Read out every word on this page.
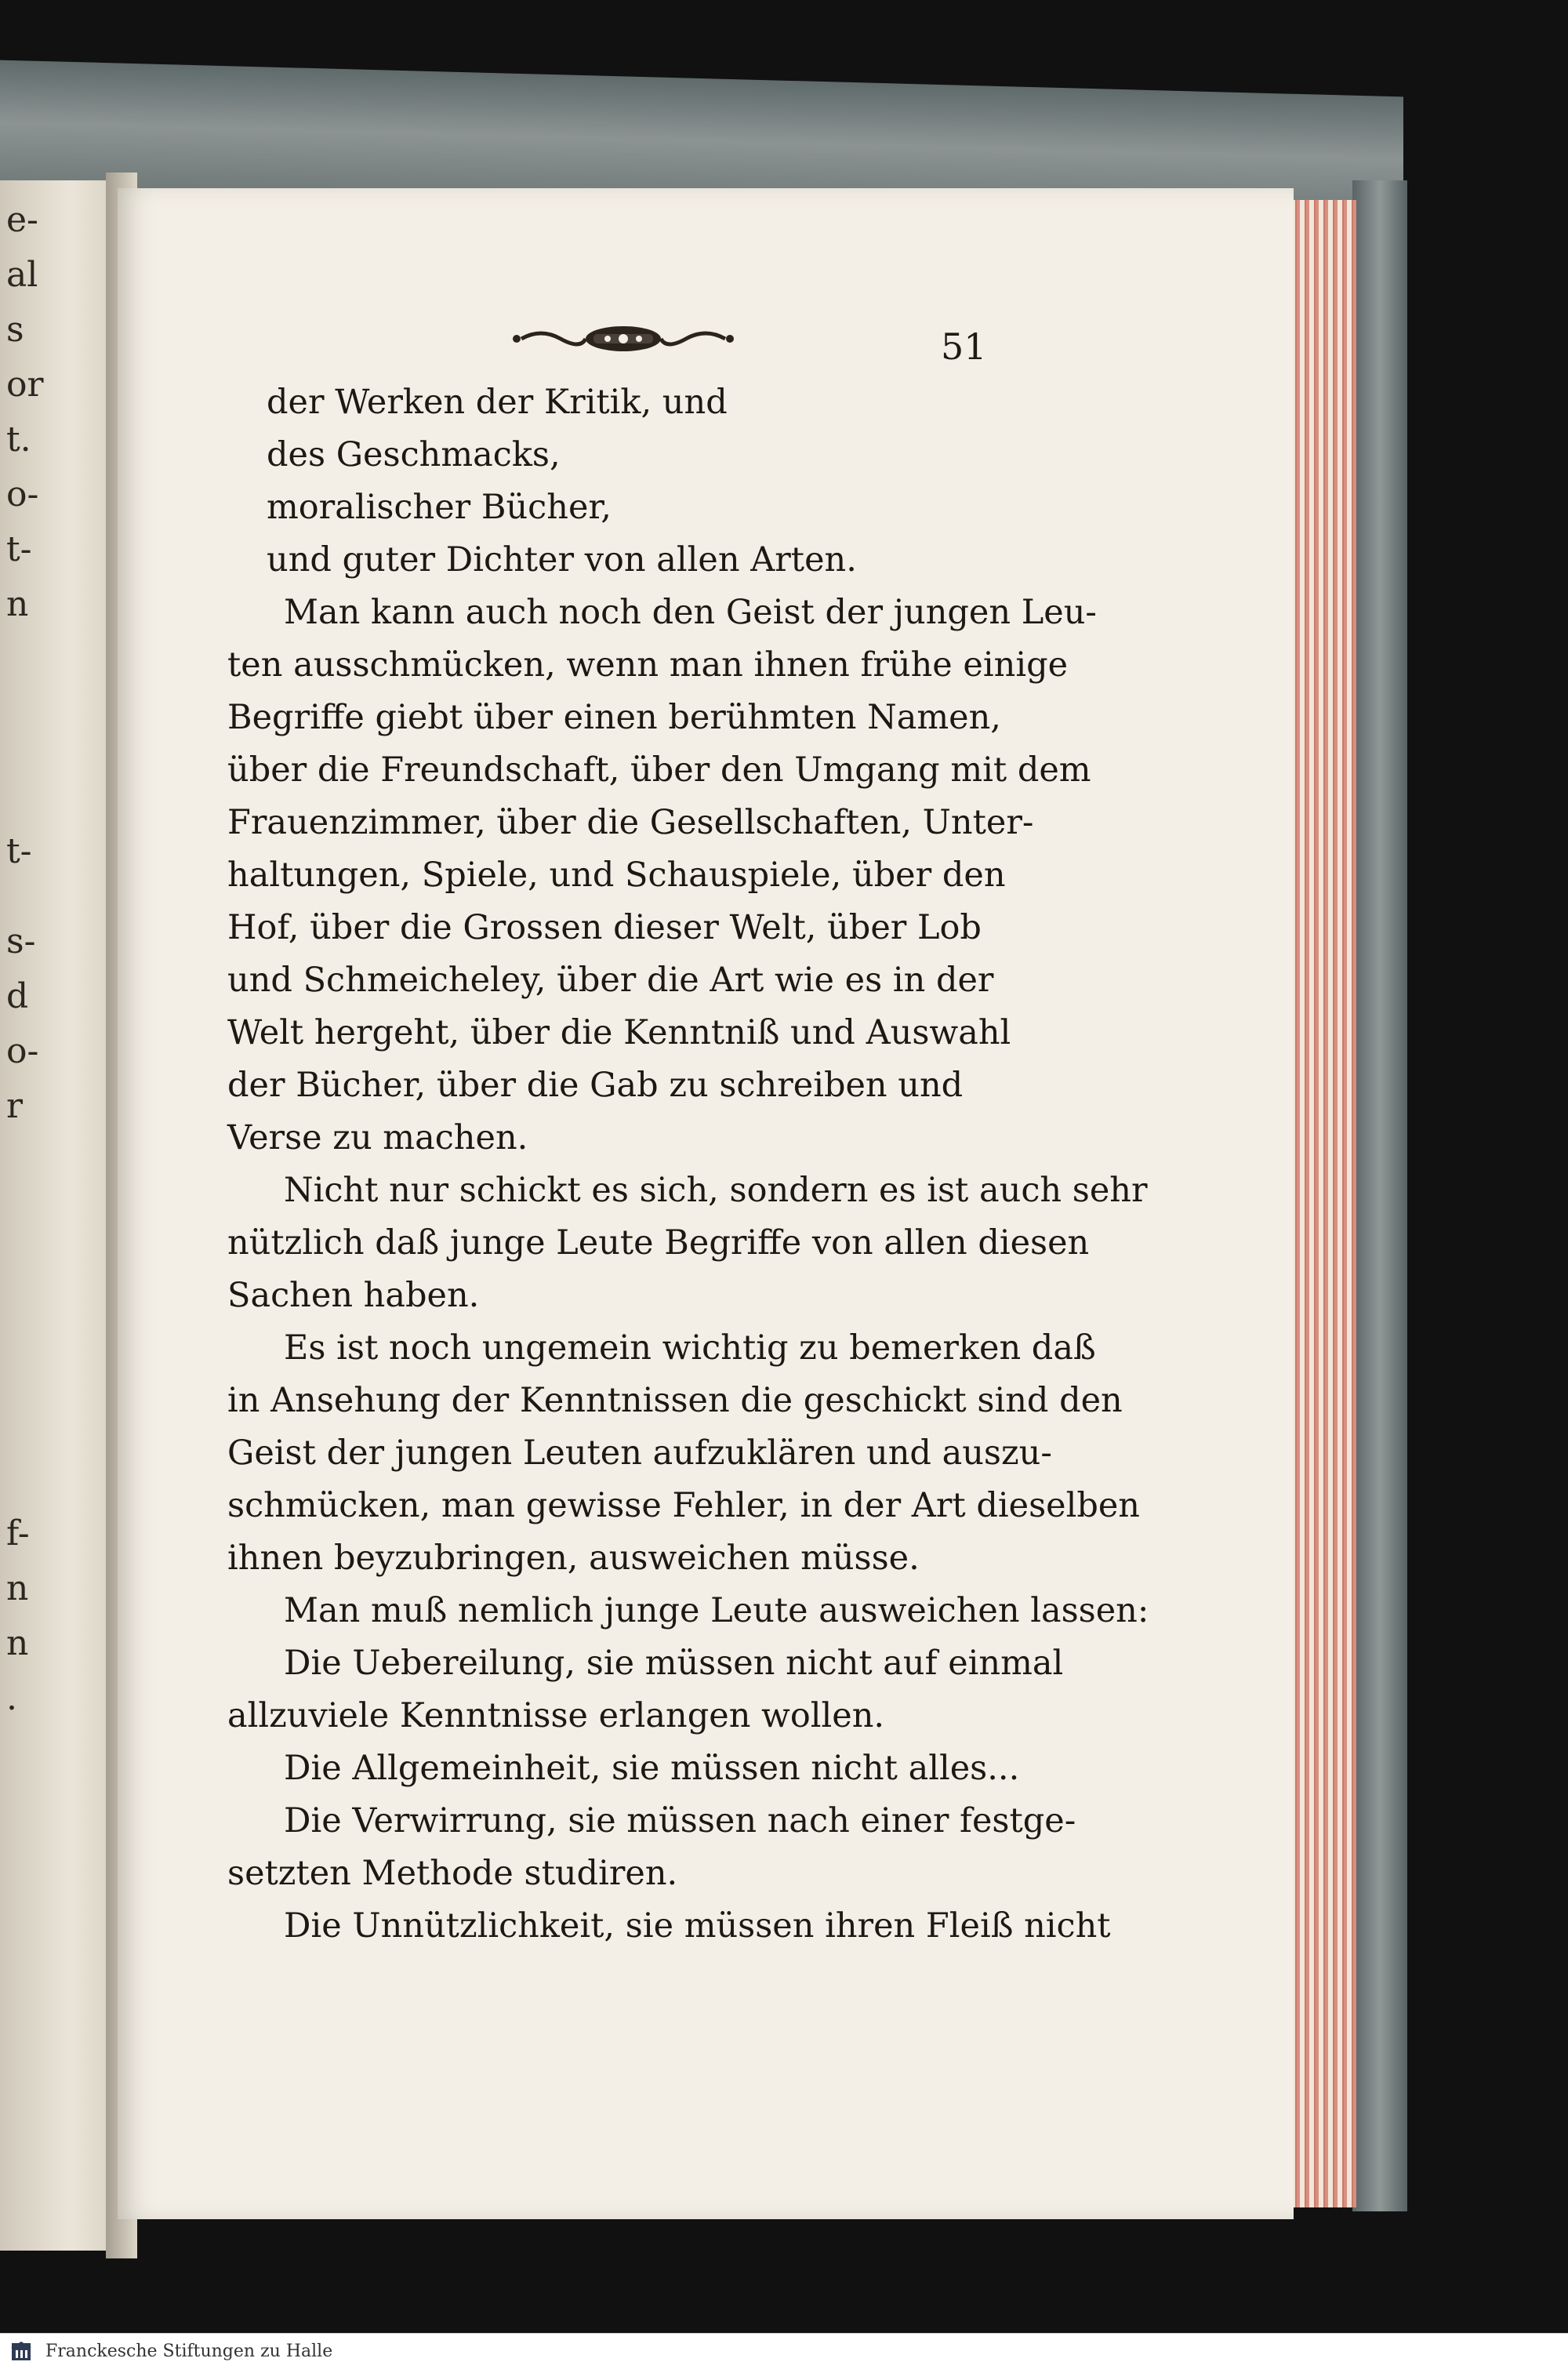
e-
al
s
or
t.
o-
t-
n
t-
s-
d
o-
r
f-
n
n
.

51

der Werken der Kritik, und
des Geschmacks,
moralischer Bücher,
und guter Dichter von allen Arten.
Man kann auch noch den Geist der jungen Leu-
ten ausschmücken, wenn man ihnen frühe einige
Begriffe giebt über einen berühmten Namen,
über die Freundschaft, über den Umgang mit dem
Frauenzimmer, über die Gesellschaften, Unter-
haltungen, Spiele, und Schauspiele, über den
Hof, über die Grossen dieser Welt, über Lob
und Schmeicheley, über die Art wie es in der
Welt hergeht, über die Kenntniß und Auswahl
der Bücher, über die Gab zu schreiben und
Verse zu machen.
Nicht nur schickt es sich, sondern es ist auch sehr
nützlich daß junge Leute Begriffe von allen diesen
Sachen haben.
Es ist noch ungemein wichtig zu bemerken daß
in Ansehung der Kenntnissen die geschickt sind den
Geist der jungen Leuten aufzuklären und auszu-
schmücken, man gewisse Fehler, in der Art dieselben
ihnen beyzubringen, ausweichen müsse.
Man muß nemlich junge Leute ausweichen lassen:
Die Uebereilung, sie müssen nicht auf einmal
allzuviele Kenntnisse erlangen wollen.
Die Allgemeinheit, sie müssen nicht alles...
Die Verwirrung, sie müssen nach einer festge-
setzten Methode studiren.
Die Unnützlichkeit, sie müssen ihren Fleiß nicht
Franckesche Stiftungen zu Halle
